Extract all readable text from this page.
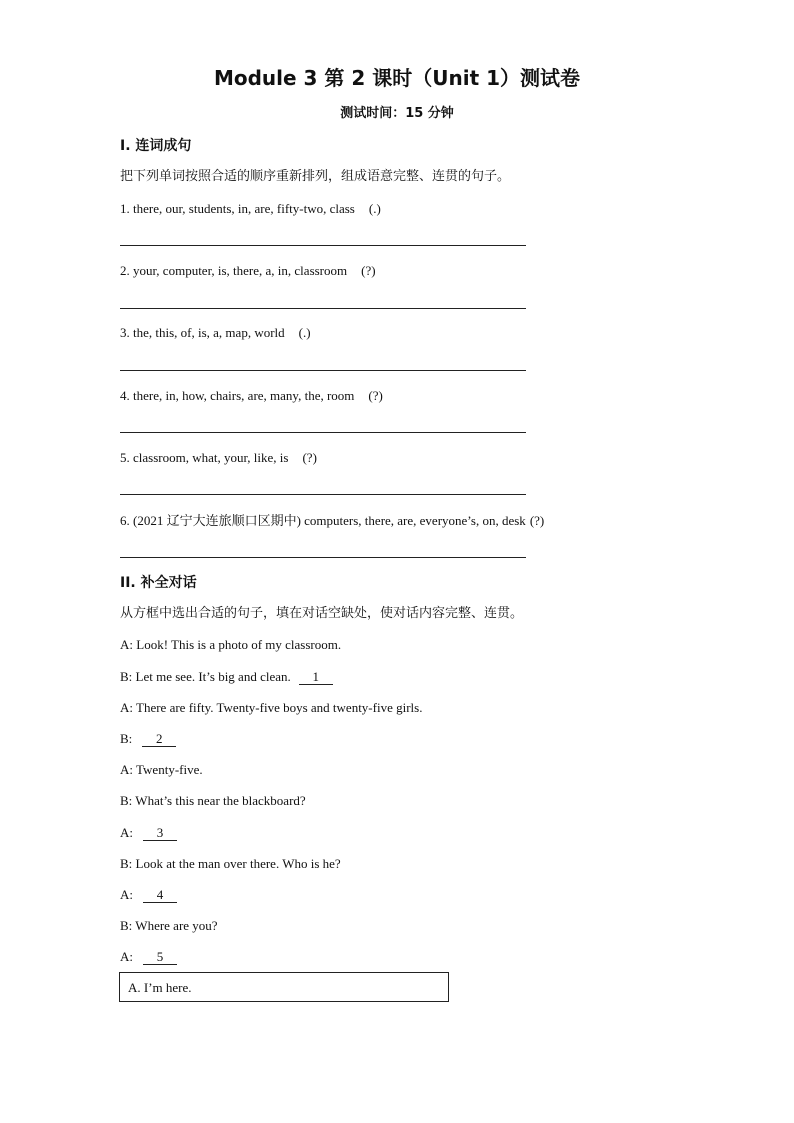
Module 3 第 2 课时（Unit 1）测试卷
测试时间：15 分钟
I. 连词成句
把下列单词按照合适的顺序重新排列，组成语意完整、连贯的句子。
1. there, our, students, in, are, fifty-two, class (.)
2. your, computer, is, there, a, in, classroom (?)
3. the, this, of, is, a, map, world (.)
4. there, in, how, chairs, are, many, the, room (?)
5. classroom, what, your, like, is (?)
6. (2021 辽宁大连旅顺口区期中) computers, there, are, everyone’s, on, desk (?)
II. 补全对话
从方框中选出合适的句子，填在对话空缺处，使对话内容完整、连贯。
A: Look! This is a photo of my classroom.
B: Let me see. It’s big and clean. 1
A: There are fifty. Twenty-five boys and twenty-five girls.
B: 2
A: Twenty-five.
B: What’s this near the blackboard?
A: 3
B: Look at the man over there. Who is he?
A: 4
B: Where are you?
A: 5
A. I’m here.
